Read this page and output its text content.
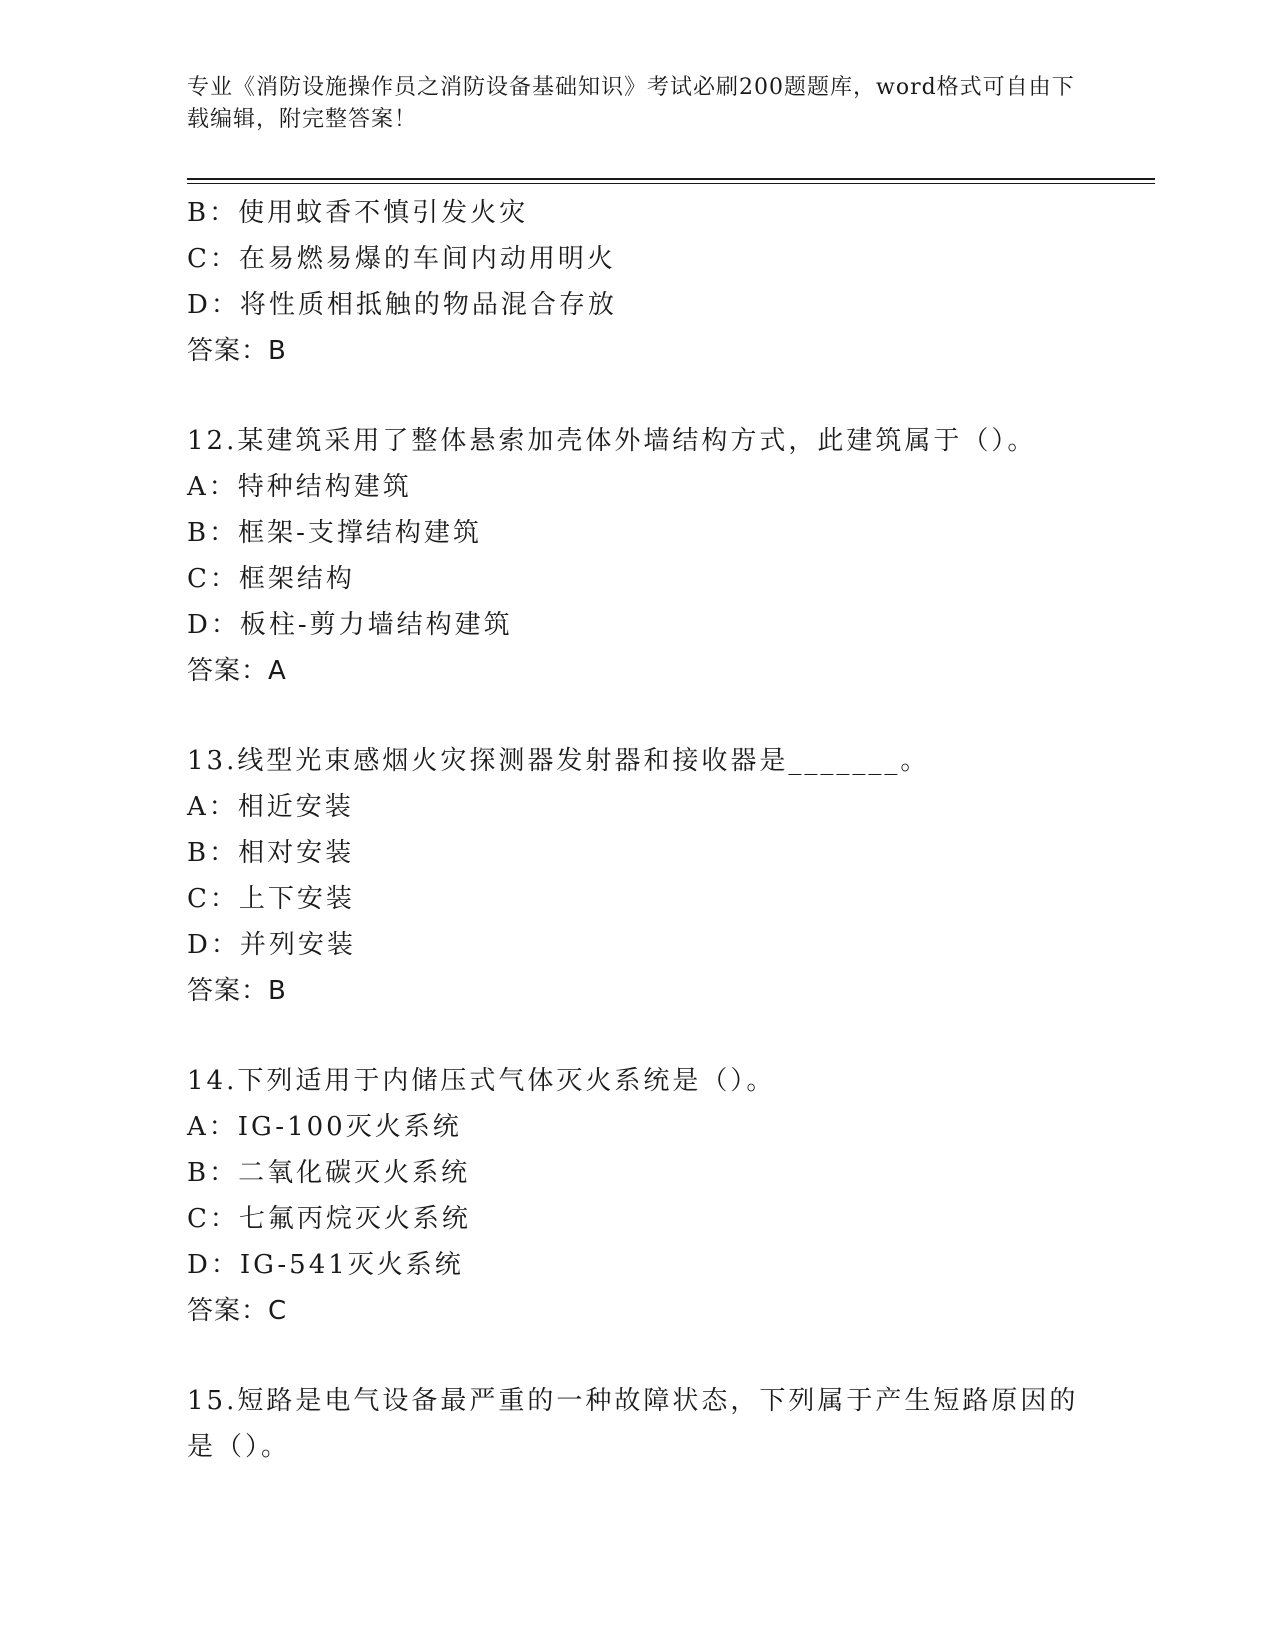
专业《消防设施操作员之消防设备基础知识》考试必刷200题题库，word格式可自由下载编辑，附完整答案！
B：使用蚊香不慎引发火灾
C：在易燃易爆的车间内动用明火
D：将性质相抵触的物品混合存放
答案：B
12.某建筑采用了整体悬索加壳体外墙结构方式，此建筑属于（）。
A：特种结构建筑
B：框架-支撑结构建筑
C：框架结构
D：板柱-剪力墙结构建筑
答案：A
13.线型光束感烟火灾探测器发射器和接收器是_______。
A：相近安装
B：相对安装
C：上下安装
D：并列安装
答案：B
14.下列适用于内储压式气体灭火系统是（）。
A：IG-100灭火系统
B：二氧化碳灭火系统
C：七氟丙烷灭火系统
D：IG-541灭火系统
答案：C
15.短路是电气设备最严重的一种故障状态，下列属于产生短路原因的是（）。
